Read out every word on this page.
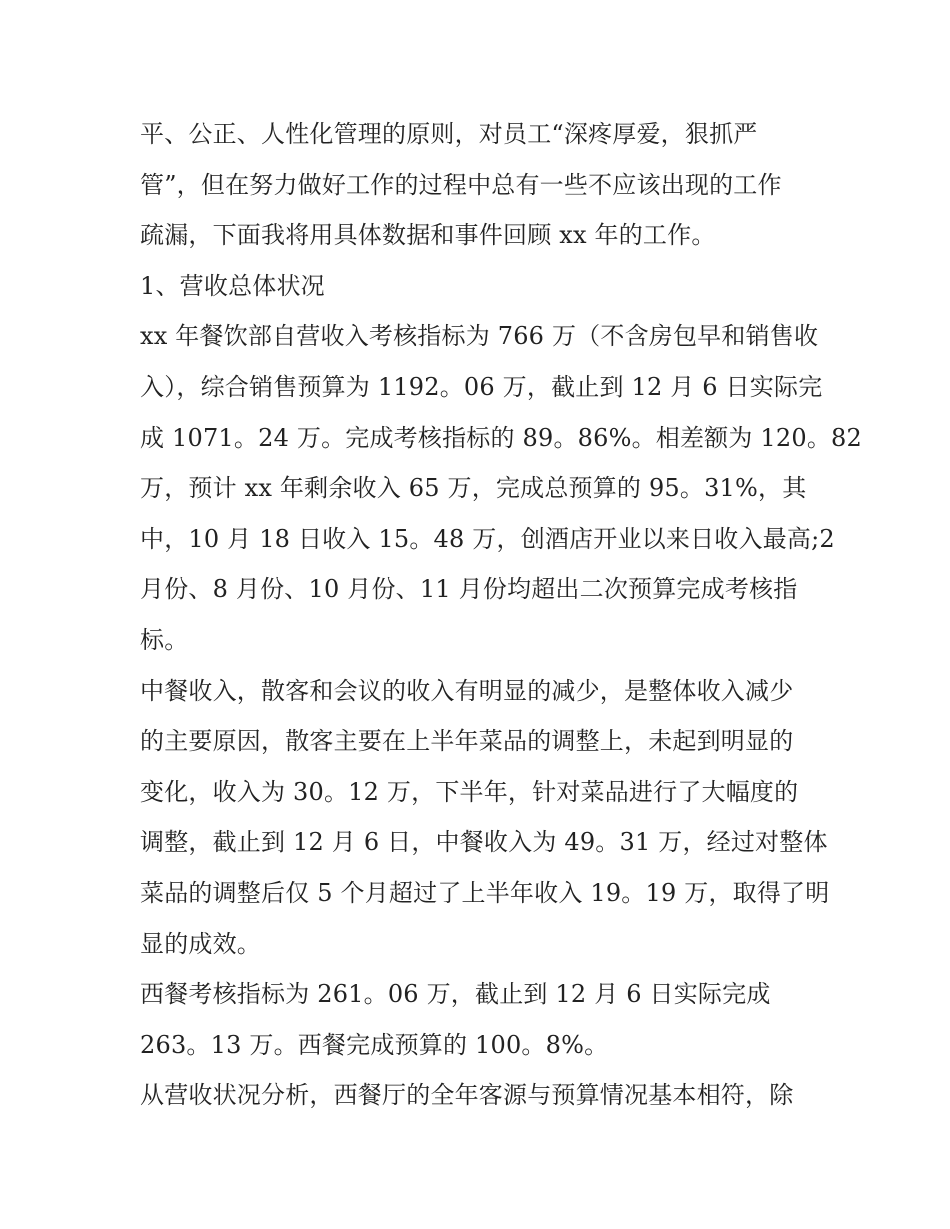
平、公正、人性化管理的原则，对员工“深疼厚爱，狠抓严
管”，但在努力做好工作的过程中总有一些不应该出现的工作
疏漏，下面我将用具体数据和事件回顾 xx 年的工作。
1、营收总体状况
xx 年餐饮部自营收入考核指标为 766 万（不含房包早和销售收
入），综合销售预算为 1192。06 万，截止到 12 月 6 日实际完
成 1071。24 万。完成考核指标的 89。86%。相差额为 120。82
万，预计 xx 年剩余收入 65 万，完成总预算的 95。31%，其
中，10 月 18 日收入 15。48 万，创酒店开业以来日收入最高;2
月份、8 月份、10 月份、11 月份均超出二次预算完成考核指
标。
中餐收入，散客和会议的收入有明显的减少，是整体收入减少
的主要原因，散客主要在上半年菜品的调整上，未起到明显的
变化，收入为 30。12 万，下半年，针对菜品进行了大幅度的
调整，截止到 12 月 6 日，中餐收入为 49。31 万，经过对整体
菜品的调整后仅 5 个月超过了上半年收入 19。19 万，取得了明
显的成效。
西餐考核指标为 261。06 万，截止到 12 月 6 日实际完成
263。13 万。西餐完成预算的 100。8%。
从营收状况分析，西餐厅的全年客源与预算情况基本相符，除
